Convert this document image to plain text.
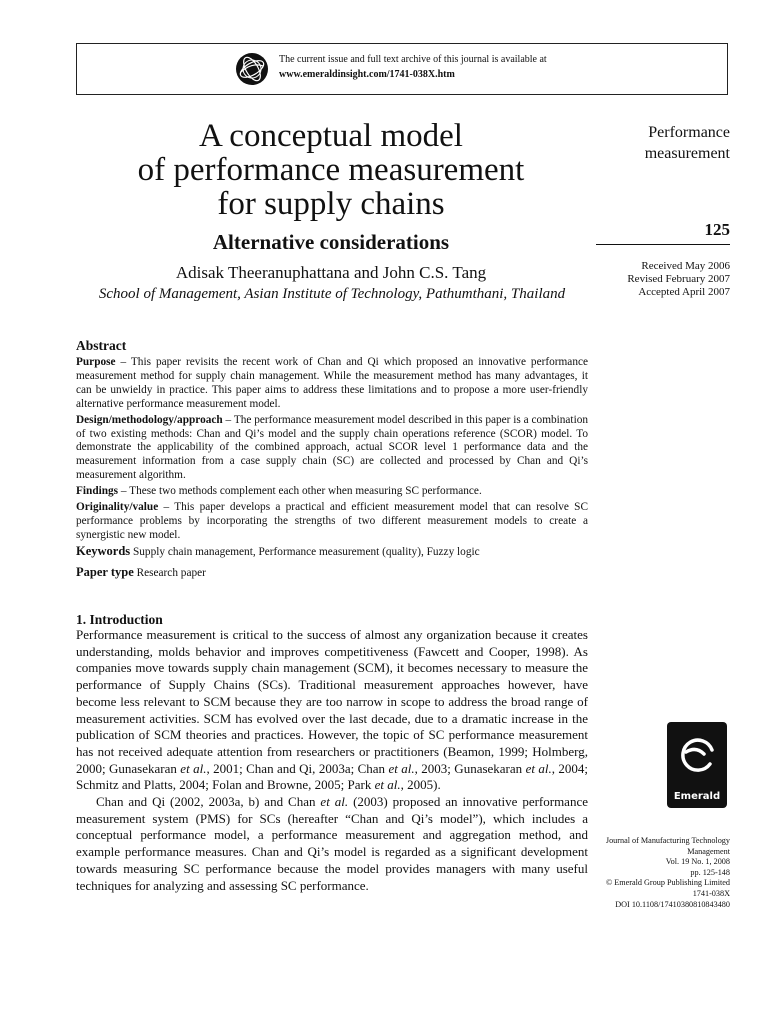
The current issue and full text archive of this journal is available at
www.emeraldinsight.com/1741-038X.htm
A conceptual model
of performance measurement
for supply chains
Alternative considerations
Adisak Theeranuphattana and John C.S. Tang
School of Management, Asian Institute of Technology, Pathumthani, Thailand
Performance measurement
125
Received May 2006
Revised February 2007
Accepted April 2007
Abstract
Purpose – This paper revisits the recent work of Chan and Qi which proposed an innovative performance measurement method for supply chain management. While the measurement method has many advantages, it can be unwieldy in practice. This paper aims to address these limitations and to propose a more user-friendly alternative performance measurement model.
Design/methodology/approach – The performance measurement model described in this paper is a combination of two existing methods: Chan and Qi’s model and the supply chain operations reference (SCOR) model. To demonstrate the applicability of the combined approach, actual SCOR level 1 performance data and the measurement information from a case supply chain (SC) are collected and processed by Chan and Qi’s measurement algorithm.
Findings – These two methods complement each other when measuring SC performance.
Originality/value – This paper develops a practical and efficient measurement model that can resolve SC performance problems by incorporating the strengths of two different measurement models to create a synergistic new model.
Keywords Supply chain management, Performance measurement (quality), Fuzzy logic
Paper type Research paper
1. Introduction

Performance measurement is critical to the success of almost any organization because it creates understanding, molds behavior and improves competitiveness (Fawcett and Cooper, 1998). As companies move towards supply chain management (SCM), it becomes necessary to measure the performance of Supply Chains (SCs). Traditional measurement approaches however, have become less relevant to SCM because they are too narrow in scope to address the broad range of measurement activities. SCM has evolved over the last decade, due to a dramatic increase in the publication of SCM theories and practices. However, the topic of SC performance measurement has not received adequate attention from researchers or practitioners (Beamon, 1999; Holmberg, 2000; Gunasekaran et al., 2001; Chan and Qi, 2003a; Chan et al., 2003; Gunasekaran et al., 2004; Schmitz and Platts, 2004; Folan and Browne, 2005; Park et al., 2005).

Chan and Qi (2002, 2003a, b) and Chan et al. (2003) proposed an innovative performance measurement system (PMS) for SCs (hereafter “Chan and Qi’s model”), which includes a conceptual performance model, a performance measurement and aggregation method, and example performance measures. Chan and Qi’s model is regarded as a significant development towards measuring SC performance because the model provides managers with many useful techniques for analyzing and assessing SC performance.

Emerald
Journal of Manufacturing Technology
Management
Vol. 19 No. 1, 2008
pp. 125-148
© Emerald Group Publishing Limited
1741-038X
DOI 10.1108/17410380810843480
